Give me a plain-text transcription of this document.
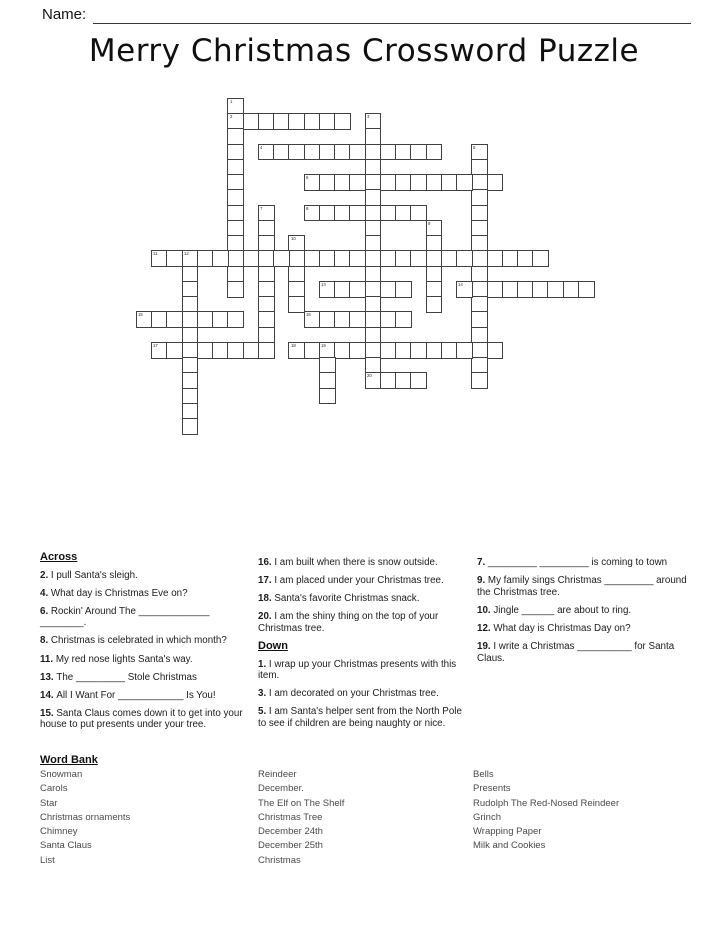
Name:
Merry Christmas Crossword Puzzle
1
2	3
4	5
6
7	8
9
10
11	12
13	14
15	16
17	18	19
20
Across
2. I pull Santa's sleigh.
4. What day is Christmas Eve on?
6. Rockin' Around The _____________ ________.
8. Christmas is celebrated in which month?
11. My red nose lights Santa's way.
13. The _________ Stole Christmas
14. All I Want For ____________ Is You!
15. Santa Claus comes down it to get into your house to put presents under your tree.
16. I am built when there is snow outside.
17. I am placed under your Christmas tree.
18. Santa's favorite Christmas snack.
20. I am the shiny thing on the top of your Christmas tree.
Down
1. I wrap up your Christmas presents with this item.
3. I am decorated on your Christmas tree.
5. I am Santa's helper sent from the North Pole to see if children are being naughty or nice.
7. _________ _________ is coming to town
9. My family sings Christmas _________ around the Christmas tree.
10. Jingle ______ are about to ring.
12. What day is Christmas Day on?
19. I write a Christmas __________ for Santa Claus.
Word Bank
Snowman
Carols
Star
Christmas ornaments
Chimney
Santa Claus
List
Reindeer
December.
The Elf on The Shelf
Christmas Tree
December 24th
December 25th
Christmas
Bells
Presents
Rudolph The Red-Nosed Reindeer
Grinch
Wrapping Paper
Milk and Cookies
